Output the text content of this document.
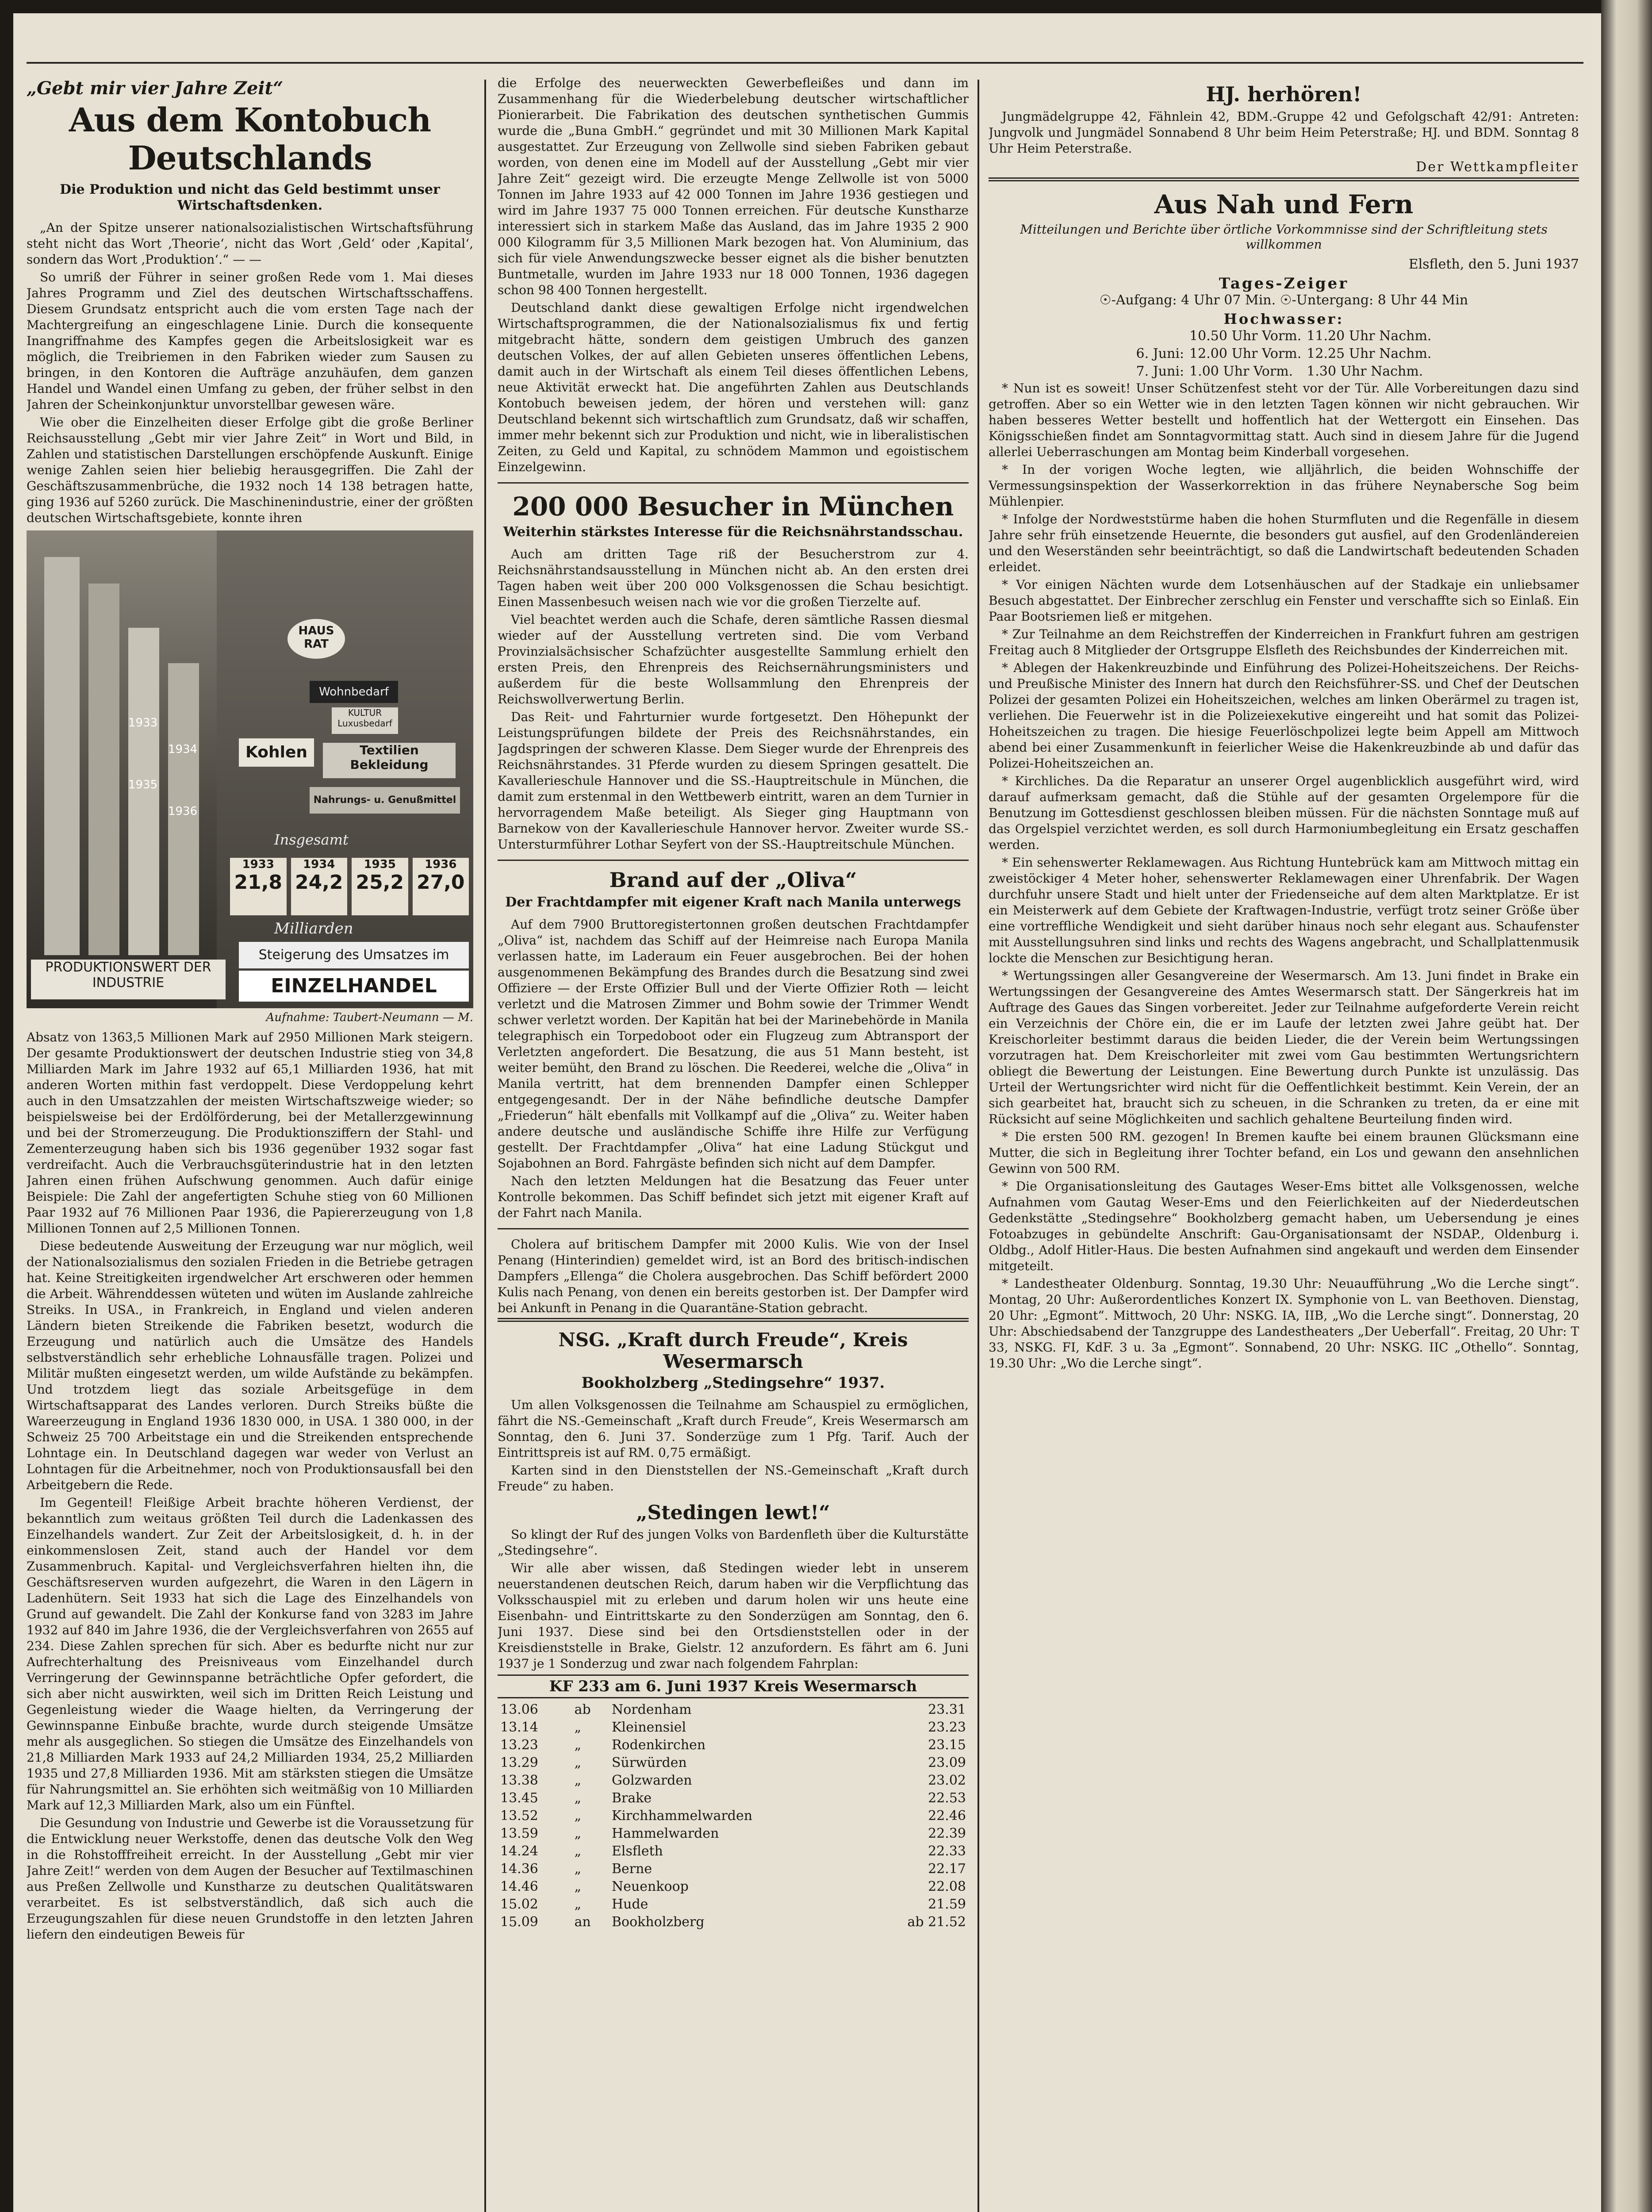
„Gebt mir vier Jahre Zeit“
Aus dem Kontobuch Deutschlands
Die Produktion und nicht das Geld bestimmt unser Wirtschaftsdenken.

„An der Spitze unserer nationalsozialistischen Wirtschaftsführung steht nicht das Wort ‚Theorie‘, nicht das Wort ‚Geld‘ oder ‚Kapital‘, sondern das Wort ‚Produktion‘.“ — —

So umriß der Führer in seiner großen Rede vom 1. Mai dieses Jahres Programm und Ziel des deutschen Wirtschaftsschaffens. Diesem Grundsatz entspricht auch die vom ersten Tage nach der Machtergreifung an eingeschlagene Linie. Durch die konsequente Inangriffnahme des Kampfes gegen die Arbeitslosigkeit war es möglich, die Treibriemen in den Fabriken wieder zum Sausen zu bringen, in den Kontoren die Aufträge anzuhäufen, dem ganzen Handel und Wandel einen Umfang zu geben, der früher selbst in den Jahren der Scheinkonjunktur unvorstellbar gewesen wäre.

Wie ober die Einzelheiten dieser Erfolge gibt die große Berliner Reichsausstellung „Gebt mir vier Jahre Zeit“ in Wort und Bild, in Zahlen und statistischen Darstellungen erschöpfende Auskunft. Einige wenige Zahlen seien hier beliebig herausgegriffen. Die Zahl der Geschäftszusammenbrüche, die 1932 noch 14 138 betragen hatte, ging 1936 auf 5260 zurück. Die Maschinenindustrie, einer der größten deutschen Wirtschaftsgebiete, konnte ihren

1933
1934
1935
1936
HAUS RAT
Wohnbedarf
KULTUR Luxusbedarf
Kohlen	Textilien Bekleidung
Nahrungs- u. Genußmittel
Insgesamt
1933
21,8
1934
24,2
1935
25,2
1936
27,0
Milliarden
Steigerung des Umsatzes im
EINZELHANDEL
PRODUKTIONSWERT DER INDUSTRIE
Aufnahme: Taubert-Neumann — M.

Absatz von 1363,5 Millionen Mark auf 2950 Millionen Mark steigern. Der gesamte Produktionswert der deutschen Industrie stieg von 34,8 Milliarden Mark im Jahre 1932 auf 65,1 Milliarden 1936, hat mit anderen Worten mithin fast verdoppelt. Diese Verdoppelung kehrt auch in den Umsatzzahlen der meisten Wirtschaftszweige wieder; so beispielsweise bei der Erdölförderung, bei der Metallerzgewinnung und bei der Stromerzeugung. Die Produktionsziffern der Stahl- und Zementerzeugung haben sich bis 1936 gegenüber 1932 sogar fast verdreifacht. Auch die Verbrauchsgüterindustrie hat in den letzten Jahren einen frühen Aufschwung genommen. Auch dafür einige Beispiele: Die Zahl der angefertigten Schuhe stieg von 60 Millionen Paar 1932 auf 76 Millionen Paar 1936, die Papiererzeugung von 1,8 Millionen Tonnen auf 2,5 Millionen Tonnen.

Diese bedeutende Ausweitung der Erzeugung war nur möglich, weil der Nationalsozialismus den sozialen Frieden in die Betriebe getragen hat. Keine Streitigkeiten irgendwelcher Art erschweren oder hemmen die Arbeit. Währenddessen wüteten und wüten im Auslande zahlreiche Streiks. In USA., in Frankreich, in England und vielen anderen Ländern bieten Streikende die Fabriken besetzt, wodurch die Erzeugung und natürlich auch die Umsätze des Handels selbstverständlich sehr erhebliche Lohnausfälle tragen. Polizei und Militär mußten eingesetzt werden, um wilde Aufstände zu bekämpfen. Und trotzdem liegt das soziale Arbeitsgefüge in dem Wirtschaftsapparat des Landes verloren. Durch Streiks büßte die Wareerzeugung in England 1936 1830 000, in USA. 1 380 000, in der Schweiz 25 700 Arbeitstage ein und die Streikenden entsprechende Lohntage ein. In Deutschland dagegen war weder von Verlust an Lohntagen für die Arbeitnehmer, noch von Produktionsausfall bei den Arbeitgebern die Rede.

Im Gegenteil! Fleißige Arbeit brachte höheren Verdienst, der bekanntlich zum weitaus größten Teil durch die Ladenkassen des Einzelhandels wandert. Zur Zeit der Arbeitslosigkeit, d. h. in der einkommenslosen Zeit, stand auch der Handel vor dem Zusammenbruch. Kapital- und Vergleichsverfahren hielten ihn, die Geschäftsreserven wurden aufgezehrt, die Waren in den Lägern in Ladenhütern. Seit 1933 hat sich die Lage des Einzelhandels von Grund auf gewandelt. Die Zahl der Konkurse fand von 3283 im Jahre 1932 auf 840 im Jahre 1936, die der Vergleichsverfahren von 2655 auf 234. Diese Zahlen sprechen für sich. Aber es bedurfte nicht nur zur Aufrechterhaltung des Preisniveaus vom Einzelhandel durch Verringerung der Gewinnspanne beträchtliche Opfer gefordert, die sich aber nicht auswirkten, weil sich im Dritten Reich Leistung und Gegenleistung wieder die Waage hielten, da Verringerung der Gewinnspanne Einbuße brachte, wurde durch steigende Umsätze mehr als ausgeglichen. So stiegen die Umsätze des Einzelhandels von 21,8 Milliarden Mark 1933 auf 24,2 Milliarden 1934, 25,2 Milliarden 1935 und 27,8 Milliarden 1936. Mit am stärksten stiegen die Umsätze für Nahrungsmittel an. Sie erhöhten sich weitmäßig von 10 Milliarden Mark auf 12,3 Milliarden Mark, also um ein Fünftel.

Die Gesundung von Industrie und Gewerbe ist die Voraussetzung für die Entwicklung neuer Werkstoffe, denen das deutsche Volk den Weg in die Rohstofffreiheit erreicht. In der Ausstellung „Gebt mir vier Jahre Zeit!“ werden von dem Augen der Besucher auf Textilmaschinen aus Preßen Zellwolle und Kunstharze zu deutschen Qualitätswaren verarbeitet. Es ist selbstverständlich, daß sich auch die Erzeugungszahlen für diese neuen Grundstoffe in den letzten Jahren liefern den eindeutigen Beweis für

die Erfolge des neuerweckten Gewerbefleißes und dann im Zusammenhang für die Wiederbelebung deutscher wirtschaftlicher Pionierarbeit. Die Fabrikation des deutschen synthetischen Gummis wurde die „Buna GmbH.“ gegründet und mit 30 Millionen Mark Kapital ausgestattet. Zur Erzeugung von Zellwolle sind sieben Fabriken gebaut worden, von denen eine im Modell auf der Ausstellung „Gebt mir vier Jahre Zeit“ gezeigt wird. Die erzeugte Menge Zellwolle ist von 5000 Tonnen im Jahre 1933 auf 42 000 Tonnen im Jahre 1936 gestiegen und wird im Jahre 1937 75 000 Tonnen erreichen. Für deutsche Kunstharze interessiert sich in starkem Maße das Ausland, das im Jahre 1935 2 900 000 Kilogramm für 3,5 Millionen Mark bezogen hat. Von Aluminium, das sich für viele Anwendungszwecke besser eignet als die bisher benutzten Buntmetalle, wurden im Jahre 1933 nur 18 000 Tonnen, 1936 dagegen schon 98 400 Tonnen hergestellt.

Deutschland dankt diese gewaltigen Erfolge nicht irgendwelchen Wirtschaftsprogrammen, die der Nationalsozialismus fix und fertig mitgebracht hätte, sondern dem geistigen Umbruch des ganzen deutschen Volkes, der auf allen Gebieten unseres öffentlichen Lebens, damit auch in der Wirtschaft als einem Teil dieses öffentlichen Lebens, neue Aktivität erweckt hat. Die angeführten Zahlen aus Deutschlands Kontobuch beweisen jedem, der hören und verstehen will: ganz Deutschland bekennt sich wirtschaftlich zum Grundsatz, daß wir schaffen, immer mehr bekennt sich zur Produktion und nicht, wie in liberalistischen Zeiten, zu Geld und Kapital, zu schnödem Mammon und egoistischem Einzelgewinn.

200 000 Besucher in München
Weiterhin stärkstes Interesse für die Reichsnährstandsschau.

Auch am dritten Tage riß der Besucherstrom zur 4. Reichsnährstandsausstellung in München nicht ab. An den ersten drei Tagen haben weit über 200 000 Volksgenossen die Schau besichtigt. Einen Massenbesuch weisen nach wie vor die großen Tierzelte auf.

Viel beachtet werden auch die Schafe, deren sämtliche Rassen diesmal wieder auf der Ausstellung vertreten sind. Die vom Verband Provinzialsächsischer Schafzüchter ausgestellte Sammlung erhielt den ersten Preis, den Ehrenpreis des Reichsernährungsministers und außerdem für die beste Wollsammlung den Ehrenpreis der Reichswollverwertung Berlin.

Das Reit- und Fahrturnier wurde fortgesetzt. Den Höhepunkt der Leistungsprüfungen bildete der Preis des Reichsnährstandes, ein Jagdspringen der schweren Klasse. Dem Sieger wurde der Ehrenpreis des Reichsnährstandes. 31 Pferde wurden zu diesem Springen gesattelt. Die Kavallerieschule Hannover und die SS.-Hauptreitschule in München, die damit zum erstenmal in den Wettbewerb eintritt, waren an dem Turnier in hervorragendem Maße beteiligt. Als Sieger ging Hauptmann von Barnekow von der Kavallerieschule Hannover hervor. Zweiter wurde SS.-Untersturmführer Lothar Seyfert von der SS.-Hauptreitschule München.

Brand auf der „Oliva“
Der Frachtdampfer mit eigener Kraft nach Manila unterwegs

Auf dem 7900 Bruttoregistertonnen großen deutschen Frachtdampfer „Oliva“ ist, nachdem das Schiff auf der Heimreise nach Europa Manila verlassen hatte, im Laderaum ein Feuer ausgebrochen. Bei der hohen ausgenommenen Bekämpfung des Brandes durch die Besatzung sind zwei Offiziere — der Erste Offizier Bull und der Vierte Offizier Roth — leicht verletzt und die Matrosen Zimmer und Bohm sowie der Trimmer Wendt schwer verletzt worden. Der Kapitän hat bei der Marinebehörde in Manila telegraphisch ein Torpedoboot oder ein Flugzeug zum Abtransport der Verletzten angefordert. Die Besatzung, die aus 51 Mann besteht, ist weiter bemüht, den Brand zu löschen. Die Reederei, welche die „Oliva“ in Manila vertritt, hat dem brennenden Dampfer einen Schlepper entgegengesandt. Der in der Nähe befindliche deutsche Dampfer „Friederun“ hält ebenfalls mit Vollkampf auf die „Oliva“ zu. Weiter haben andere deutsche und ausländische Schiffe ihre Hilfe zur Verfügung gestellt. Der Frachtdampfer „Oliva“ hat eine Ladung Stückgut und Sojabohnen an Bord. Fahrgäste befinden sich nicht auf dem Dampfer.

Nach den letzten Meldungen hat die Besatzung das Feuer unter Kontrolle bekommen. Das Schiff befindet sich jetzt mit eigener Kraft auf der Fahrt nach Manila.

Cholera auf britischem Dampfer mit 2000 Kulis. Wie von der Insel Penang (Hinterindien) gemeldet wird, ist an Bord des britisch-indischen Dampfers „Ellenga“ die Cholera ausgebrochen. Das Schiff befördert 2000 Kulis nach Penang, von denen ein bereits gestorben ist. Der Dampfer wird bei Ankunft in Penang in die Quarantäne-Station gebracht.

NSG. „Kraft durch Freude“, Kreis Wesermarsch
Bookholzberg „Stedingsehre“ 1937.

Um allen Volksgenossen die Teilnahme am Schauspiel zu ermöglichen, fährt die NS.-Gemeinschaft „Kraft durch Freude“, Kreis Wesermarsch am Sonntag, den 6. Juni 37. Sonderzüge zum 1 Pfg. Tarif. Auch der Eintrittspreis ist auf RM. 0,75 ermäßigt.

Karten sind in den Dienststellen der NS.-Gemeinschaft „Kraft durch Freude“ zu haben.

„Stedingen lewt!“

So klingt der Ruf des jungen Volks von Bardenfleth über die Kulturstätte „Stedingsehre“.

Wir alle aber wissen, daß Stedingen wieder lebt in unserem neuerstandenen deutschen Reich, darum haben wir die Verpflichtung das Volksschauspiel mit zu erleben und darum holen wir uns heute eine Eisenbahn- und Eintrittskarte zu den Sonderzügen am Sonntag, den 6. Juni 1937. Diese sind bei den Ortsdienststellen oder in der Kreisdienststelle in Brake, Gielstr. 12 anzufordern. Es fährt am 6. Juni 1937 je 1 Sonderzug und zwar nach folgendem Fahrplan:

KF 233 am 6. Juni 1937 Kreis Wesermarsch
13.06	ab	Nordenham	23.31
13.14	„	Kleinensiel	23.23
13.23	„	Rodenkirchen	23.15
13.29	„	Sürwürden	23.09
13.38	„	Golzwarden	23.02
13.45	„	Brake	22.53
13.52	„	Kirchhammelwarden	22.46
13.59	„	Hammelwarden	22.39
14.24	„	Elsfleth	22.33
14.36	„	Berne	22.17
14.46	„	Neuenkoop	22.08
15.02	„	Hude	21.59
15.09	an	Bookholzberg	ab 21.52
HJ. herhören!

Jungmädelgruppe 42, Fähnlein 42, BDM.-Gruppe 42 und Gefolgschaft 42/91: Antreten: Jungvolk und Jungmädel Sonnabend 8 Uhr beim Heim Peterstraße; HJ. und BDM. Sonntag 8 Uhr Heim Peterstraße.

Der Wettkampfleiter
Aus Nah und Fern
Mitteilungen und Berichte über örtliche Vorkommnisse sind der Schriftleitung stets willkommen
Elsfleth, den 5. Juni 1937
Tages-Zeiger
☉-Aufgang: 4 Uhr 07 Min. ☉-Untergang: 8 Uhr 44 Min
Hochwasser:
	10.50 Uhr Vorm.	11.20 Uhr Nachm.
6. Juni:	12.00 Uhr Vorm.	12.25 Uhr Nachm.
7. Juni:	1.00 Uhr Vorm.	1.30 Uhr Nachm.

* Nun ist es soweit! Unser Schützenfest steht vor der Tür. Alle Vorbereitungen dazu sind getroffen. Aber so ein Wetter wie in den letzten Tagen können wir nicht gebrauchen. Wir haben besseres Wetter bestellt und hoffentlich hat der Wettergott ein Einsehen. Das Königsschießen findet am Sonntagvormittag statt. Auch sind in diesem Jahre für die Jugend allerlei Ueberraschungen am Montag beim Kinderball vorgesehen.

* In der vorigen Woche legten, wie alljährlich, die beiden Wohnschiffe der Vermessungsinspektion der Wasserkorrektion in das frühere Neynabersche Sog beim Mühlenpier.

* Infolge der Nordweststürme haben die hohen Sturmfluten und die Regenfälle in diesem Jahre sehr früh einsetzende Heuernte, die besonders gut ausfiel, auf den Grodenländereien und den Weserständen sehr beeinträchtigt, so daß die Landwirtschaft bedeutenden Schaden erleidet.

* Vor einigen Nächten wurde dem Lotsenhäuschen auf der Stadkaje ein unliebsamer Besuch abgestattet. Der Einbrecher zerschlug ein Fenster und verschaffte sich so Einlaß. Ein Paar Bootsriemen ließ er mitgehen.

* Zur Teilnahme an dem Reichstreffen der Kinderreichen in Frankfurt fuhren am gestrigen Freitag auch 8 Mitglieder der Ortsgruppe Elsfleth des Reichsbundes der Kinderreichen mit.

* Ablegen der Hakenkreuzbinde und Einführung des Polizei-Hoheitszeichens. Der Reichs- und Preußische Minister des Innern hat durch den Reichsführer-SS. und Chef der Deutschen Polizei der gesamten Polizei ein Hoheitszeichen, welches am linken Oberärmel zu tragen ist, verliehen. Die Feuerwehr ist in die Polizeiexekutive eingereiht und hat somit das Polizei-Hoheitszeichen zu tragen. Die hiesige Feuerlöschpolizei legte beim Appell am Mittwoch abend bei einer Zusammenkunft in feierlicher Weise die Hakenkreuzbinde ab und dafür das Polizei-Hoheitszeichen an.

* Kirchliches. Da die Reparatur an unserer Orgel augenblicklich ausgeführt wird, wird darauf aufmerksam gemacht, daß die Stühle auf der gesamten Orgelempore für die Benutzung im Gottesdienst geschlossen bleiben müssen. Für die nächsten Sonntage muß auf das Orgelspiel verzichtet werden, es soll durch Harmoniumbegleitung ein Ersatz geschaffen werden.

* Ein sehenswerter Reklamewagen. Aus Richtung Huntebrück kam am Mittwoch mittag ein zweistöckiger 4 Meter hoher, sehenswerter Reklamewagen einer Uhrenfabrik. Der Wagen durchfuhr unsere Stadt und hielt unter der Friedenseiche auf dem alten Marktplatze. Er ist ein Meisterwerk auf dem Gebiete der Kraftwagen-Industrie, verfügt trotz seiner Größe über eine vortreffliche Wendigkeit und sieht darüber hinaus noch sehr elegant aus. Schaufenster mit Ausstellungsuhren sind links und rechts des Wagens angebracht, und Schallplattenmusik lockte die Menschen zur Besichtigung heran.

* Wertungssingen aller Gesangvereine der Wesermarsch. Am 13. Juni findet in Brake ein Wertungssingen der Gesangvereine des Amtes Wesermarsch statt. Der Sängerkreis hat im Auftrage des Gaues das Singen vorbereitet. Jeder zur Teilnahme aufgeforderte Verein reicht ein Verzeichnis der Chöre ein, die er im Laufe der letzten zwei Jahre geübt hat. Der Kreischorleiter bestimmt daraus die beiden Lieder, die der Verein beim Wertungssingen vorzutragen hat. Dem Kreischorleiter mit zwei vom Gau bestimmten Wertungsrichtern obliegt die Bewertung der Leistungen. Eine Bewertung durch Punkte ist unzulässig. Das Urteil der Wertungsrichter wird nicht für die Oeffentlichkeit bestimmt. Kein Verein, der an sich gearbeitet hat, braucht sich zu scheuen, in die Schranken zu treten, da er eine mit Rücksicht auf seine Möglichkeiten und sachlich gehaltene Beurteilung finden wird.

* Die ersten 500 RM. gezogen! In Bremen kaufte bei einem braunen Glücksmann eine Mutter, die sich in Begleitung ihrer Tochter befand, ein Los und gewann den ansehnlichen Gewinn von 500 RM.

* Die Organisationsleitung des Gautages Weser-Ems bittet alle Volksgenossen, welche Aufnahmen vom Gautag Weser-Ems und den Feierlichkeiten auf der Niederdeutschen Gedenkstätte „Stedingsehre“ Bookholzberg gemacht haben, um Uebersendung je eines Fotoabzuges in gebündelte Anschrift: Gau-Organisationsamt der NSDAP., Oldenburg i. Oldbg., Adolf Hitler-Haus. Die besten Aufnahmen sind angekauft und werden dem Einsender mitgeteilt.

* Landestheater Oldenburg. Sonntag, 19.30 Uhr: Neuaufführung „Wo die Lerche singt“. Montag, 20 Uhr: Außerordentliches Konzert IX. Symphonie von L. van Beethoven. Dienstag, 20 Uhr: „Egmont“. Mittwoch, 20 Uhr: NSKG. IA, IIB, „Wo die Lerche singt“. Donnerstag, 20 Uhr: Abschiedsabend der Tanzgruppe des Landestheaters „Der Ueberfall“. Freitag, 20 Uhr: T 33, NSKG. FI, KdF. 3 u. 3a „Egmont“. Sonnabend, 20 Uhr: NSKG. IIC „Othello“. Sonntag, 19.30 Uhr: „Wo die Lerche singt“.
